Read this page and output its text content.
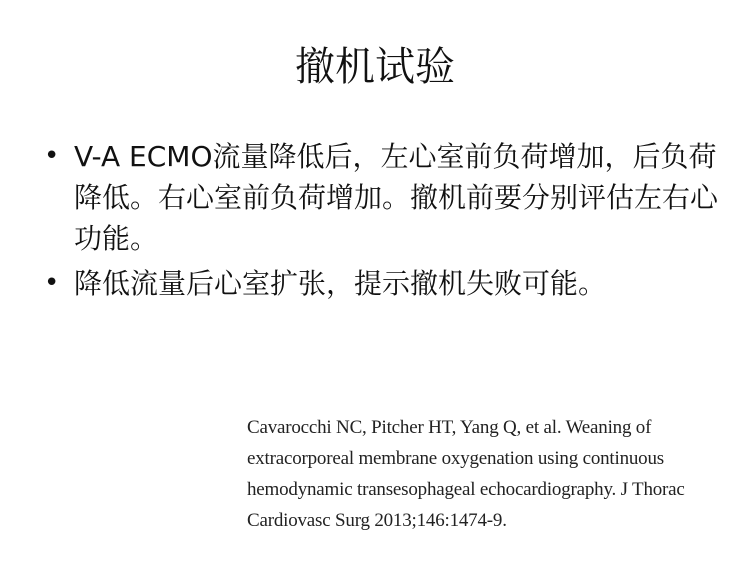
撤机试验
• V-A ECMO流量降低后，左心室前负荷增加，后负荷降低。右心室前负荷增加。撤机前要分别评估左右心功能。
• 降低流量后心室扩张，提示撤机失败可能。
Cavarocchi NC, Pitcher HT, Yang Q, et al. Weaning of
extracorporeal membrane oxygenation using continuous
hemodynamic transesophageal echocardiography. J Thorac
Cardiovasc Surg 2013;146:1474-9.
